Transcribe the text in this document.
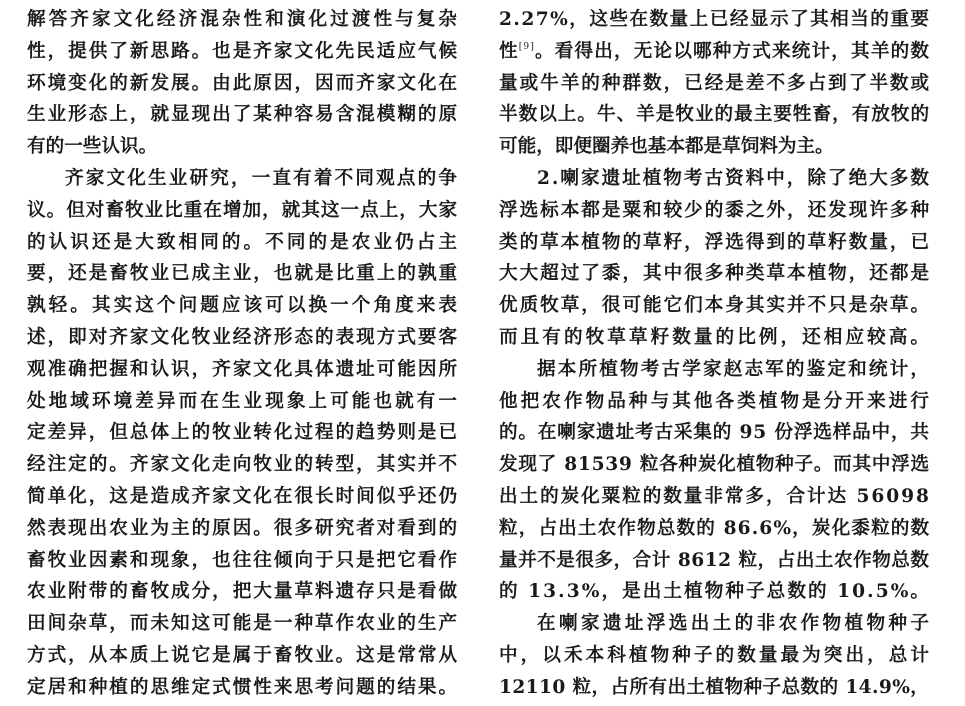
解答齐家文化经济混杂性和演化过渡性与复杂
性，提供了新思路。也是齐家文化先民适应气候
环境变化的新发展。由此原因，因而齐家文化在
生业形态上，就显现出了某种容易含混模糊的原
有的一些认识。
齐家文化生业研究，一直有着不同观点的争
议。但对畜牧业比重在增加，就其这一点上，大家
的认识还是大致相同的。不同的是农业仍占主
要，还是畜牧业已成主业，也就是比重上的孰重
孰轻。其实这个问题应该可以换一个角度来表
述，即对齐家文化牧业经济形态的表现方式要客
观准确把握和认识，齐家文化具体遗址可能因所
处地域环境差异而在生业现象上可能也就有一
定差异，但总体上的牧业转化过程的趋势则是已
经注定的。齐家文化走向牧业的转型，其实并不
简单化，这是造成齐家文化在很长时间似乎还仍
然表现出农业为主的原因。很多研究者对看到的
畜牧业因素和现象，也往往倾向于只是把它看作
农业附带的畜牧成分，把大量草料遗存只是看做
田间杂草，而未知这可能是一种草作农业的生产
方式，从本质上说它是属于畜牧业。这是常常从
定居和种植的思维定式惯性来思考问题的结果。
2.27%，这些在数量上已经显示了其相当的重要
性[9]。看得出，无论以哪种方式来统计，其羊的数
量或牛羊的种群数，已经是差不多占到了半数或
半数以上。牛、羊是牧业的最主要牲畜，有放牧的
可能，即便圈养也基本都是草饲料为主。
2.喇家遗址植物考古资料中，除了绝大多数
浮选标本都是粟和较少的黍之外，还发现许多种
类的草本植物的草籽，浮选得到的草籽数量，已
大大超过了黍，其中很多种类草本植物，还都是
优质牧草，很可能它们本身其实并不只是杂草。
而且有的牧草草籽数量的比例，还相应较高。
据本所植物考古学家赵志军的鉴定和统计，
他把农作物品种与其他各类植物是分开来进行
的。在喇家遗址考古采集的 95 份浮选样品中，共
发现了 81539 粒各种炭化植物种子。而其中浮选
出土的炭化粟粒的数量非常多，合计达 56098
粒，占出土农作物总数的 86.6%，炭化黍粒的数
量并不是很多，合计 8612 粒，占出土农作物总数
的 13.3%，是出土植物种子总数的 10.5%。
在喇家遗址浮选出土的非农作物植物种子
中，以禾本科植物种子的数量最为突出，总计
12110 粒，占所有出土植物种子总数的 14.9%，
